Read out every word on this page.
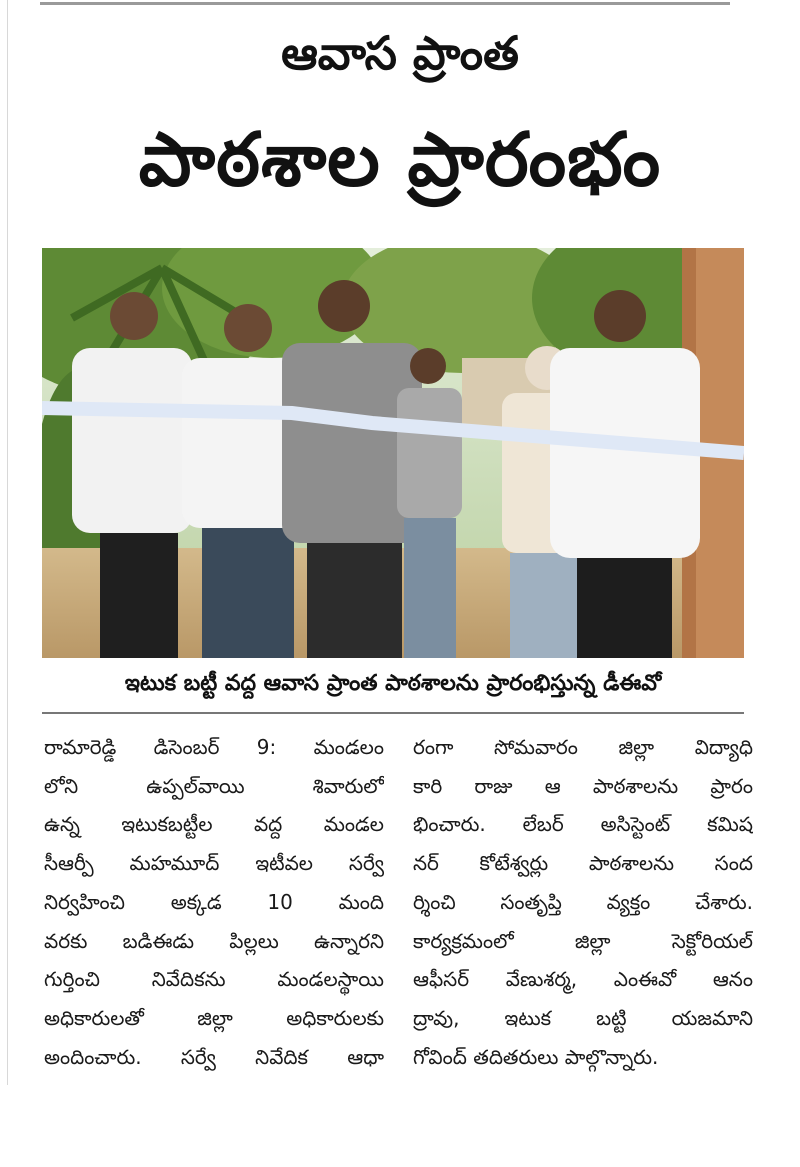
ఆవాస ప్రాంత
పాఠశాల ప్రారంభం
ఇటుక బట్టీ వద్ద ఆవాస ప్రాంత పాఠశాలను ప్రారంభిస్తున్న డీఈవో
రామారెడ్డి డిసెంబర్ 9: మండలం
లోని ఉప్పల్‌వాయి శివారులో
ఉన్న ఇటుకబట్టీల వద్ద మండల
సీఆర్పీ మహమూద్ ఇటీవల సర్వే
నిర్వహించి అక్కడ 10 మంది
వరకు బడిఈడు పిల్లలు ఉన్నారని
గుర్తించి నివేదికను మండలస్థాయి
అధికారులతో జిల్లా అధికారులకు
అందించారు. సర్వే నివేదిక ఆధా
రంగా సోమవారం జిల్లా విద్యాధి
కారి రాజు ఆ పాఠశాలను ప్రారం
భించారు. లేబర్ అసిస్టెంట్ కమిష
నర్ కోటేశ్వర్లు పాఠశాలను సంద
ర్శించి సంతృప్తి వ్యక్తం చేశారు.
కార్యక్రమంలో జిల్లా సెక్టోరియల్
ఆఫీసర్ వేణుశర్మ, ఎంఈవో ఆనం
ద్రావు, ఇటుక బట్టి యజమాని
గోవింద్ తదితరులు పాల్గొన్నారు.
